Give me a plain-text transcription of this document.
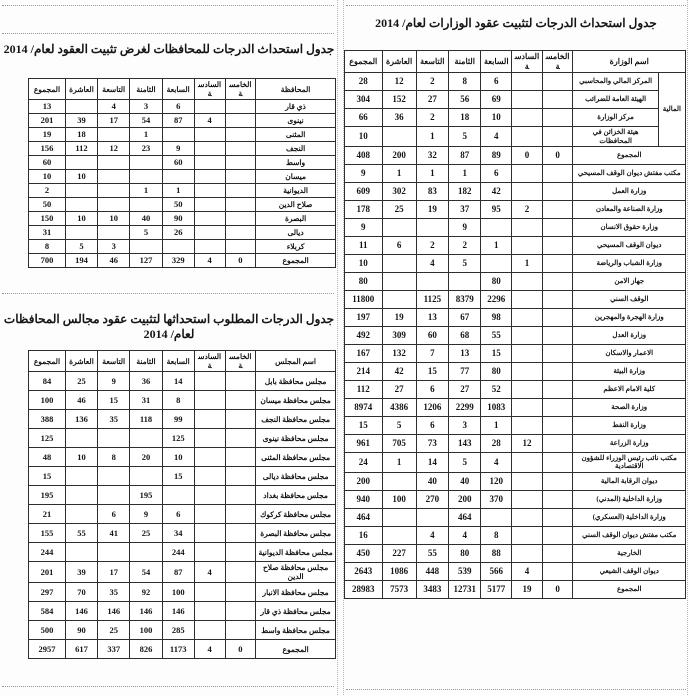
جدول استحداث الدرجات للمحافظات لغرض تثبيت العقود لعام/ 2014
المحافظة	الخامسة	السادسة	السابعة	الثامنة	التاسعة	العاشرة	المجموع
ذي قار			6	3	4		13
نينوى		4	87	54	17	39	201
المثنى				1		18	19
النجف			9	23	12	112	156
واسط			60				60
ميسان						10	10
الديوانية			1	1			2
صلاح الدين			50				50
البصرة			90	40	10	10	150
ديالى			26	5			31
كربلاء					3	5	8
المجموع	0	4	329	127	46	194	700
جدول الدرجات المطلوب استحداثها لتثبيت عقود مجالس المحافظات لعام/ 2014
اسم المجلس	الخامسة	السادسة	السابعة	الثامنة	التاسعة	العاشرة	المجموع
مجلس محافظة بابل			14	36	9	25	84
مجلس محافظة ميسان			8	31	15	46	100
مجلس محافظة النجف			99	118	35	136	388
مجلس محافظة نينوى			125				125
مجلس محافظة المثنى			10	20	8	10	48
مجلس محافظة ديالى			15				15
مجلس محافظة بغداد				195			195
مجلس محافظة كركوك			6	9	6		21
مجلس محافظة البصرة			34	25	41	55	155
مجلس محافظة الديوانية			244				244
مجلس محافظة صلاح الدين		4	87	54	17	39	201
مجلس محافظة الانبار			100	92	35	70	297
مجلس محافظة ذي قار			146	146	146	146	584
مجلس محافظة واسط			285	100	25	90	500
المجموع	0	4	1173	826	337	617	2957
جدول استحداث الدرجات لتثبيت عقود الوزارات لعام/ 2014
اسم الوزارة		الخامسة	السادسة	السابعة	الثامنة	التاسعة	العاشرة	المجموع
المالية	المركز المالي والمحاسبي			6	8	2	12	28
	الهيئة العامة للضرائب			69	56	27	152	304
	مركز الوزارة			10	18	2	36	66
	هيئة الخزائن في المحافظات			4	5	1		10
المجموع		0	0	89	87	32	200	408
مكتب مفتش ديوان الوقف المسيحي				6	1	1	1	9
وزارة العمل				42	182	83	302	609
وزارة الصناعة والمعادن			2	95	37	19	25	178
وزارة حقوق الانسان					9			9
ديوان الوقف المسيحي				1	2	2	6	11
وزارة الشباب والرياضة			1		5	4		10
جهاز الامن				80				80
الوقف السني				2296	8379	1125		11800
وزارة الهجرة والمهجرين				98	67	13	19	197
وزارة العدل				55	68	60	309	492
الاعمار والاسكان				15	13	7	132	167
وزارة البيئة				80	77	15	42	214
كلية الامام الاعظم				52	27	6	27	112
وزارة الصحة				1083	2299	1206	4386	8974
وزارة النفط				1	3	6	5	15
وزارة الزراعة			12	28	143	73	705	961
مكتب نائب رئيس الوزراء للشؤون الاقتصادية				4	5	14	1	24
ديوان الرقابة المالية				120	40	40		200
وزارة الداخلية (المدني)				370	200	270	100	940
وزارة الداخلية (العسكري)					464			464
مكتب مفتش ديوان الوقف السني				8	4	4		16
الخارجية				88	80	55	227	450
ديوان الوقف الشيعي			4	566	539	448	1086	2643
المجموع		0	19	5177	12731	3483	7573	28983
